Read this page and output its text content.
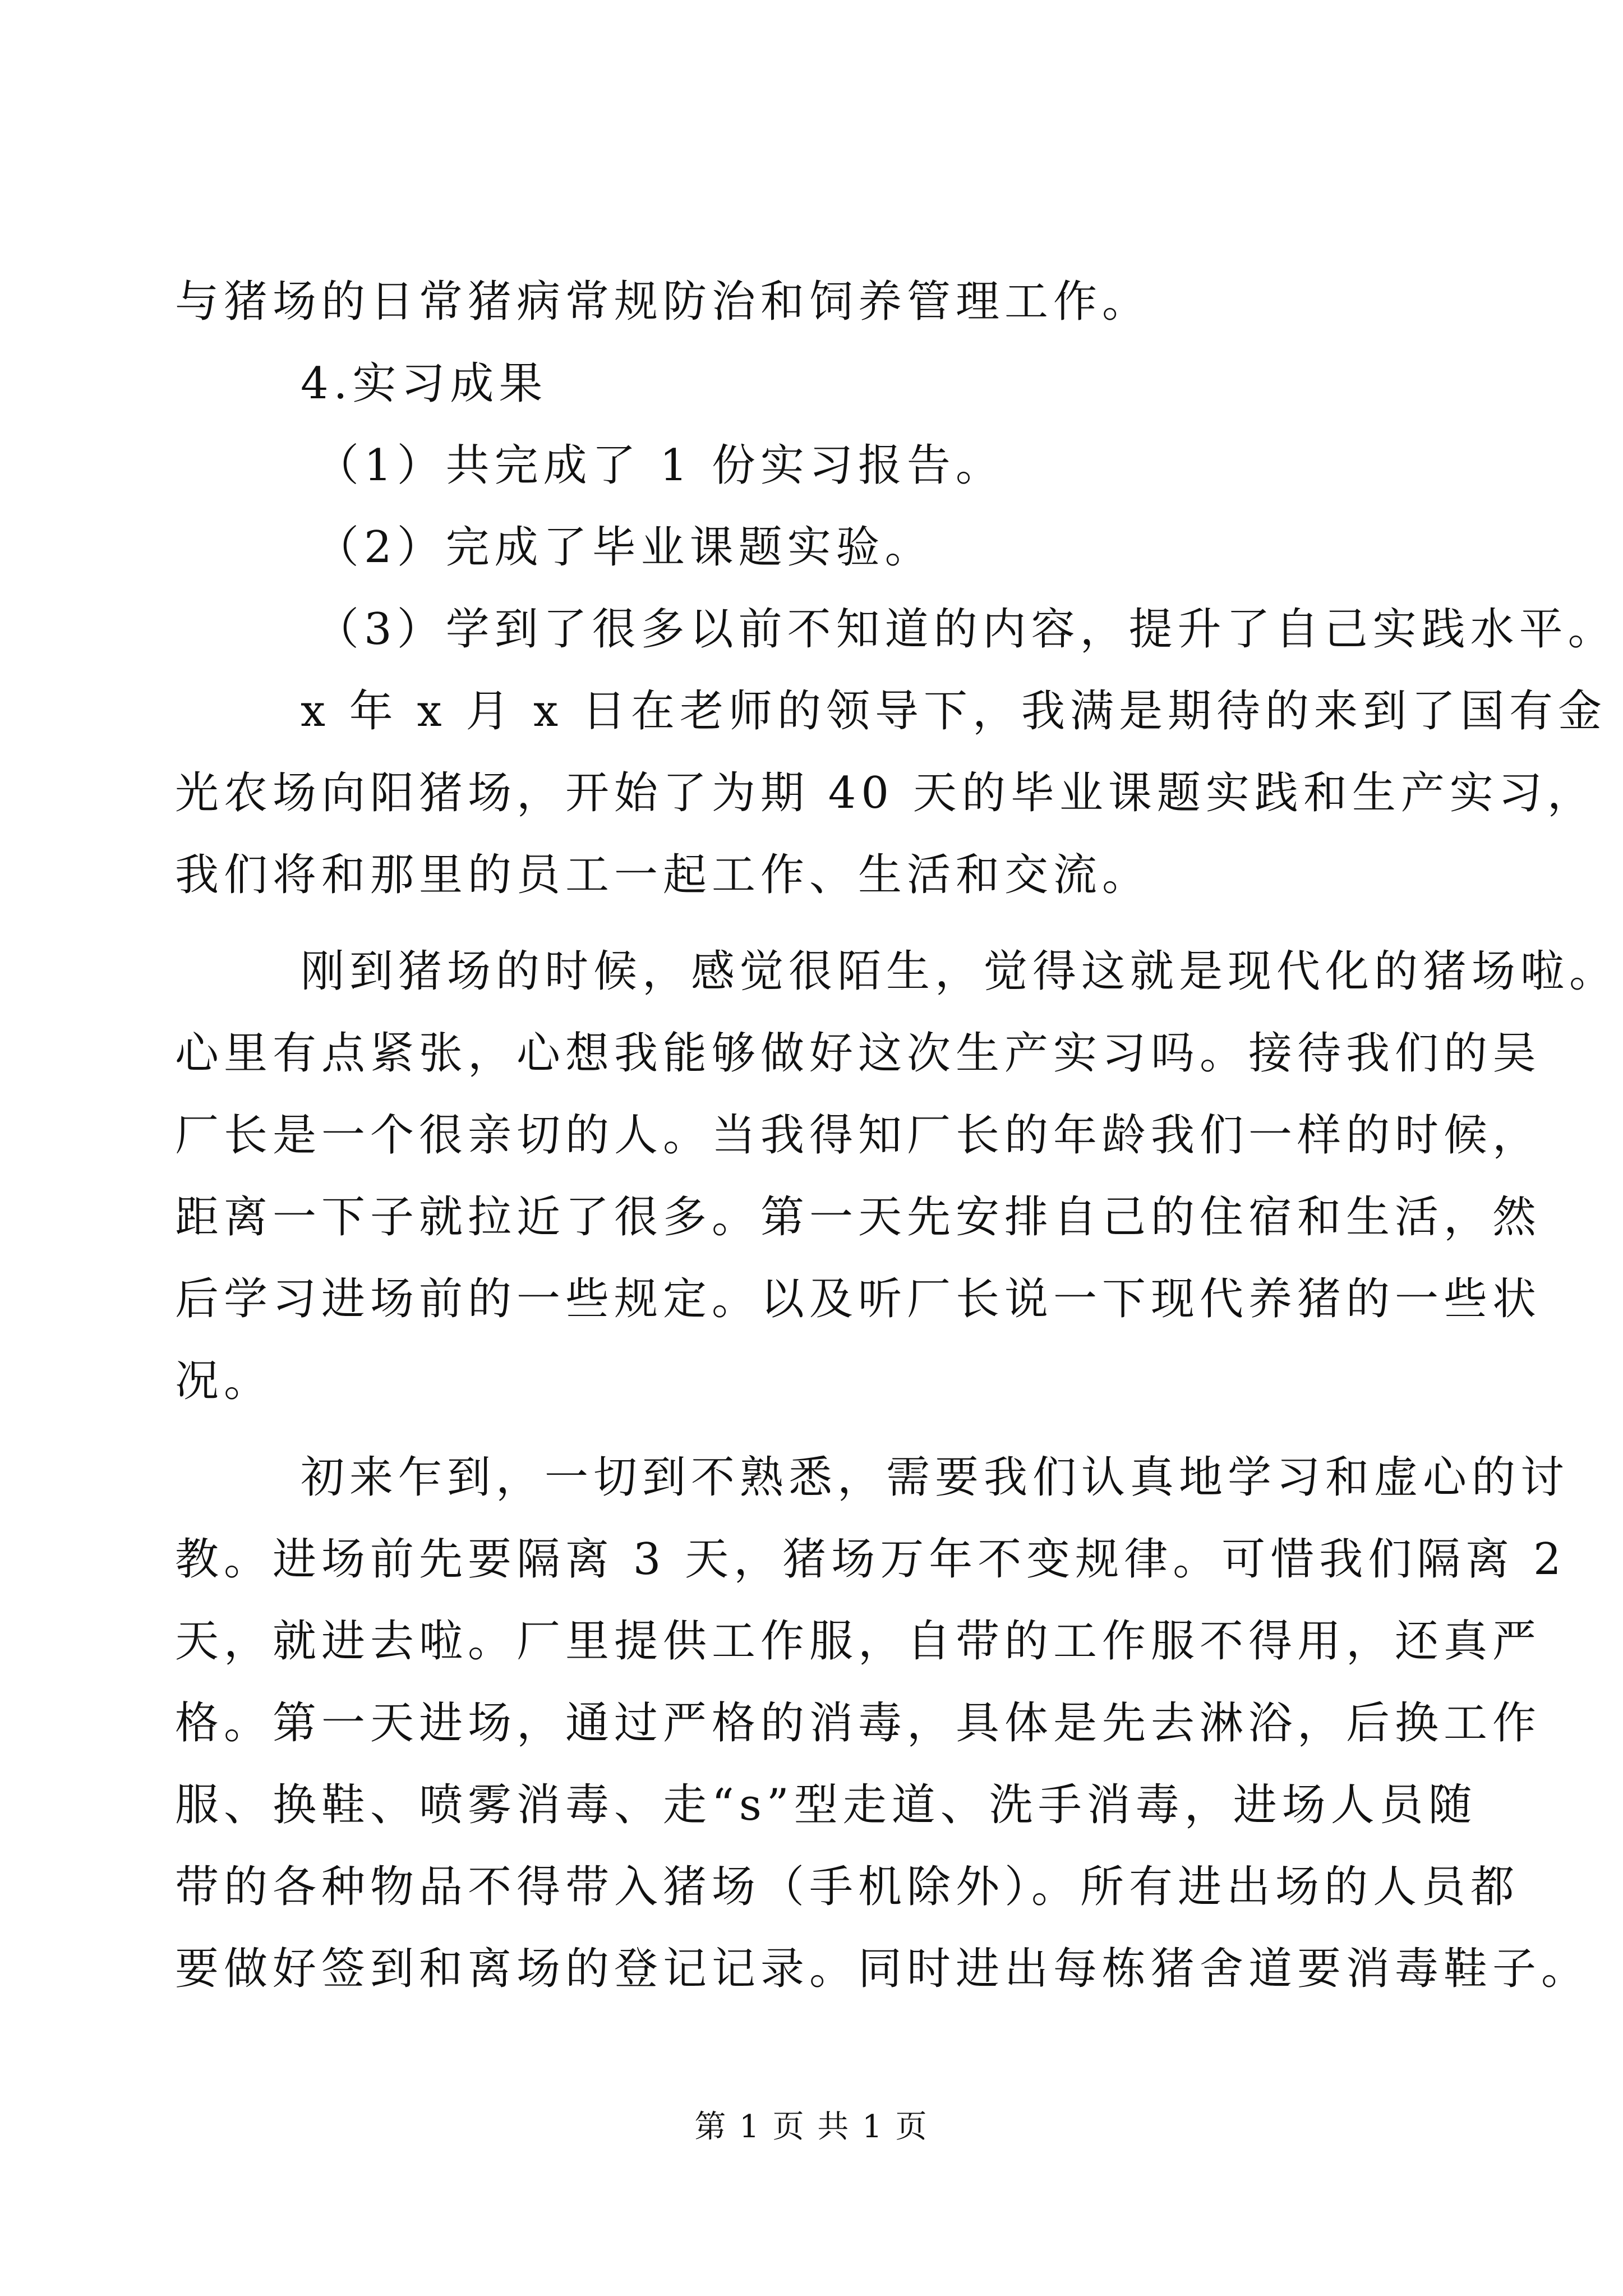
与猪场的日常猪病常规防治和饲养管理工作。
4.实习成果
（1）共完成了 1 份实习报告。
（2）完成了毕业课题实验。
（3）学到了很多以前不知道的内容，提升了自己实践水平。
x 年 x 月 x 日在老师的领导下，我满是期待的来到了国有金
光农场向阳猪场，开始了为期 40 天的毕业课题实践和生产实习，
我们将和那里的员工一起工作、生活和交流。
刚到猪场的时候，感觉很陌生，觉得这就是现代化的猪场啦。
心里有点紧张，心想我能够做好这次生产实习吗。接待我们的吴
厂长是一个很亲切的人。当我得知厂长的年龄我们一样的时候，
距离一下子就拉近了很多。第一天先安排自己的住宿和生活，然
后学习进场前的一些规定。以及听厂长说一下现代养猪的一些状
况。
初来乍到，一切到不熟悉，需要我们认真地学习和虚心的讨
教。进场前先要隔离 3 天，猪场万年不变规律。可惜我们隔离 2
天，就进去啦。厂里提供工作服，自带的工作服不得用，还真严
格。第一天进场，通过严格的消毒，具体是先去淋浴，后换工作
服、换鞋、喷雾消毒、走“s”型走道、洗手消毒，进场人员随
带的各种物品不得带入猪场（手机除外）。所有进出场的人员都
要做好签到和离场的登记记录。同时进出每栋猪舍道要消毒鞋子。
第 1 页 共 1 页
